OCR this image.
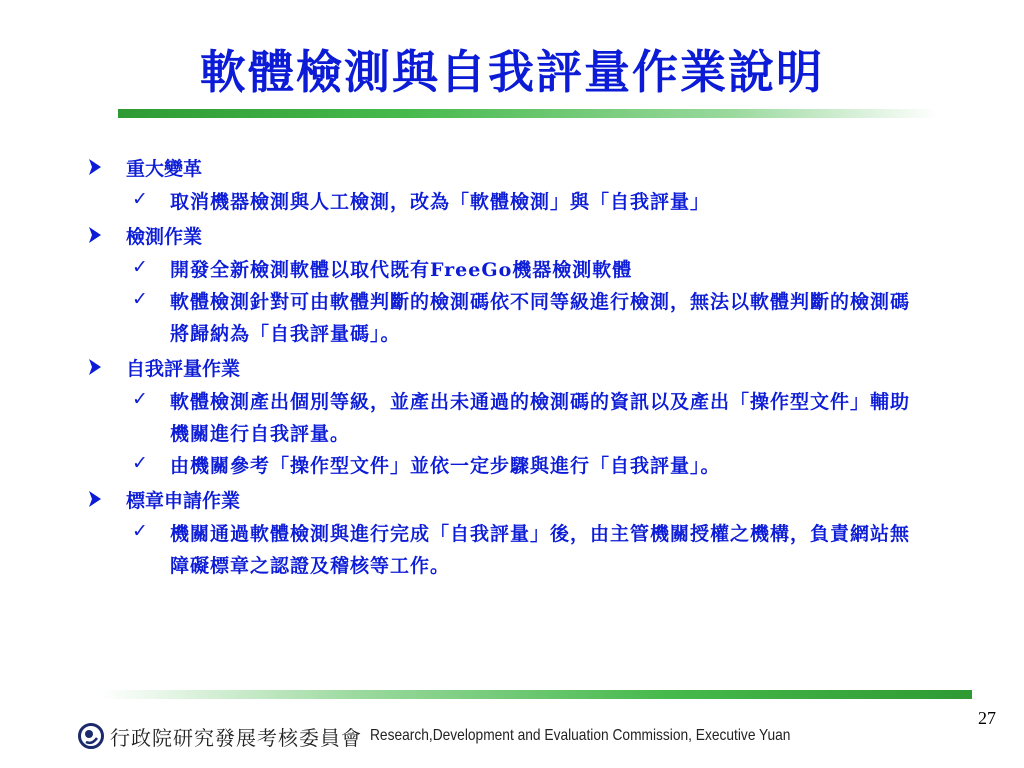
軟體檢測與自我評量作業說明
重大變革
✓ 取消機器檢測與人工檢測，改為「軟體檢測」與「自我評量」
檢測作業
✓ 開發全新檢測軟體以取代既有FreeGo機器檢測軟體
✓ 軟體檢測針對可由軟體判斷的檢測碼依不同等級進行檢測，無法以軟體判斷的檢測碼將歸納為「自我評量碼」。
自我評量作業
✓ 軟體檢測產出個別等級，並產出未通過的檢測碼的資訊以及產出「操作型文件」輔助機關進行自我評量。
✓ 由機關參考「操作型文件」並依一定步驟與進行「自我評量」。
標章申請作業
✓ 機關通過軟體檢測與進行完成「自我評量」後，由主管機關授權之機構，負責網站無障礙標章之認證及稽核等工作。
27
行政院研究發展考核委員會 Research,Development and Evaluation Commission, Executive Yuan
